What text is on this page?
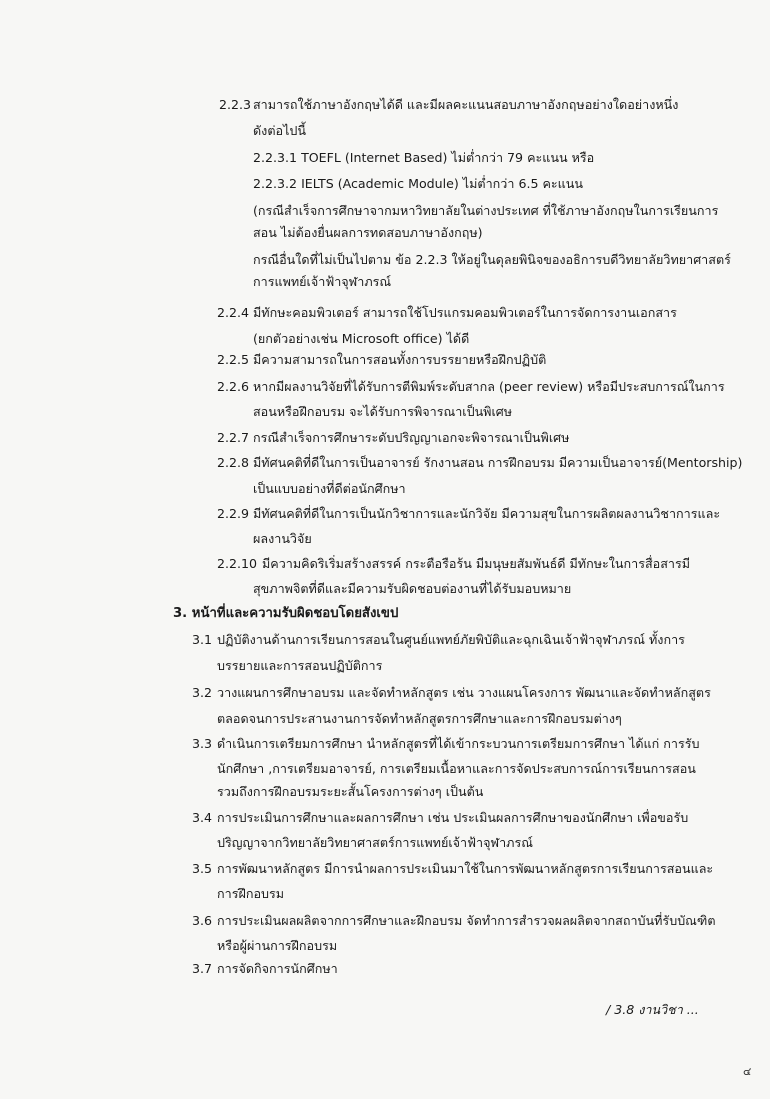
2.2.3 สามารถใช้ภาษาอังกฤษได้ดี และมีผลคะแนนสอบภาษาอังกฤษอย่างใดอย่างหนึ่ง
ดังต่อไปนี้
2.2.3.1 TOEFL (Internet Based) ไม่ต่ำกว่า 79 คะแนน หรือ
2.2.3.2 IELTS (Academic Module) ไม่ต่ำกว่า 6.5 คะแนน
(กรณีสำเร็จการศึกษาจากมหาวิทยาลัยในต่างประเทศ ที่ใช้ภาษาอังกฤษในการเรียนการ
สอน ไม่ต้องยื่นผลการทดสอบภาษาอังกฤษ)
กรณีอื่นใดที่ไม่เป็นไปตาม ข้อ 2.2.3 ให้อยู่ในดุลยพินิจของอธิการบดีวิทยาลัยวิทยาศาสตร์
การแพทย์เจ้าฟ้าจุฬาภรณ์
2.2.4 มีทักษะคอมพิวเตอร์ สามารถใช้โปรแกรมคอมพิวเตอร์ในการจัดการงานเอกสาร
(ยกตัวอย่างเช่น Microsoft office) ได้ดี
2.2.5 มีความสามารถในการสอนทั้งการบรรยายหรือฝึกปฏิบัติ
2.2.6 หากมีผลงานวิจัยที่ได้รับการตีพิมพ์ระดับสากล (peer review) หรือมีประสบการณ์ในการ
สอนหรือฝึกอบรม จะได้รับการพิจารณาเป็นพิเศษ
2.2.7 กรณีสำเร็จการศึกษาระดับปริญญาเอกจะพิจารณาเป็นพิเศษ
2.2.8 มีทัศนคติที่ดีในการเป็นอาจารย์ รักงานสอน การฝึกอบรม มีความเป็นอาจารย์(Mentorship)
เป็นแบบอย่างที่ดีต่อนักศึกษา
2.2.9 มีทัศนคติที่ดีในการเป็นนักวิชาการและนักวิจัย มีความสุขในการผลิตผลงานวิชาการและ
ผลงานวิจัย
2.2.10 มีความคิดริเริ่มสร้างสรรค์ กระตือรือร้น มีมนุษยสัมพันธ์ดี มีทักษะในการสื่อสารมี
สุขภาพจิตที่ดีและมีความรับผิดชอบต่องานที่ได้รับมอบหมาย
3. หน้าที่และความรับผิดชอบโดยสังเขป
3.1 ปฏิบัติงานด้านการเรียนการสอนในศูนย์แพทย์ภัยพิบัติและฉุกเฉินเจ้าฟ้าจุฬาภรณ์ ทั้งการ
บรรยายและการสอนปฏิบัติการ
3.2 วางแผนการศึกษาอบรม และจัดทำหลักสูตร เช่น วางแผนโครงการ พัฒนาและจัดทำหลักสูตร
ตลอดจนการประสานงานการจัดทำหลักสูตรการศึกษาและการฝึกอบรมต่างๆ
3.3 ดำเนินการเตรียมการศึกษา นำหลักสูตรที่ได้เข้ากระบวนการเตรียมการศึกษา ได้แก่ การรับ
นักศึกษา ,การเตรียมอาจารย์, การเตรียมเนื้อหาและการจัดประสบการณ์การเรียนการสอน
รวมถึงการฝึกอบรมระยะสั้นโครงการต่างๆ เป็นต้น
3.4 การประเมินการศึกษาและผลการศึกษา เช่น ประเมินผลการศึกษาของนักศึกษา เพื่อขอรับ
ปริญญาจากวิทยาลัยวิทยาศาสตร์การแพทย์เจ้าฟ้าจุฬาภรณ์
3.5 การพัฒนาหลักสูตร มีการนำผลการประเมินมาใช้ในการพัฒนาหลักสูตรการเรียนการสอนและ
การฝึกอบรม
3.6 การประเมินผลผลิตจากการศึกษาและฝึกอบรม จัดทำการสำรวจผลผลิตจากสถาบันที่รับบัณฑิต
หรือผู้ผ่านการฝึกอบรม
3.7 การจัดกิจการนักศึกษา
/ 3.8 งานวิชา ...
๔
